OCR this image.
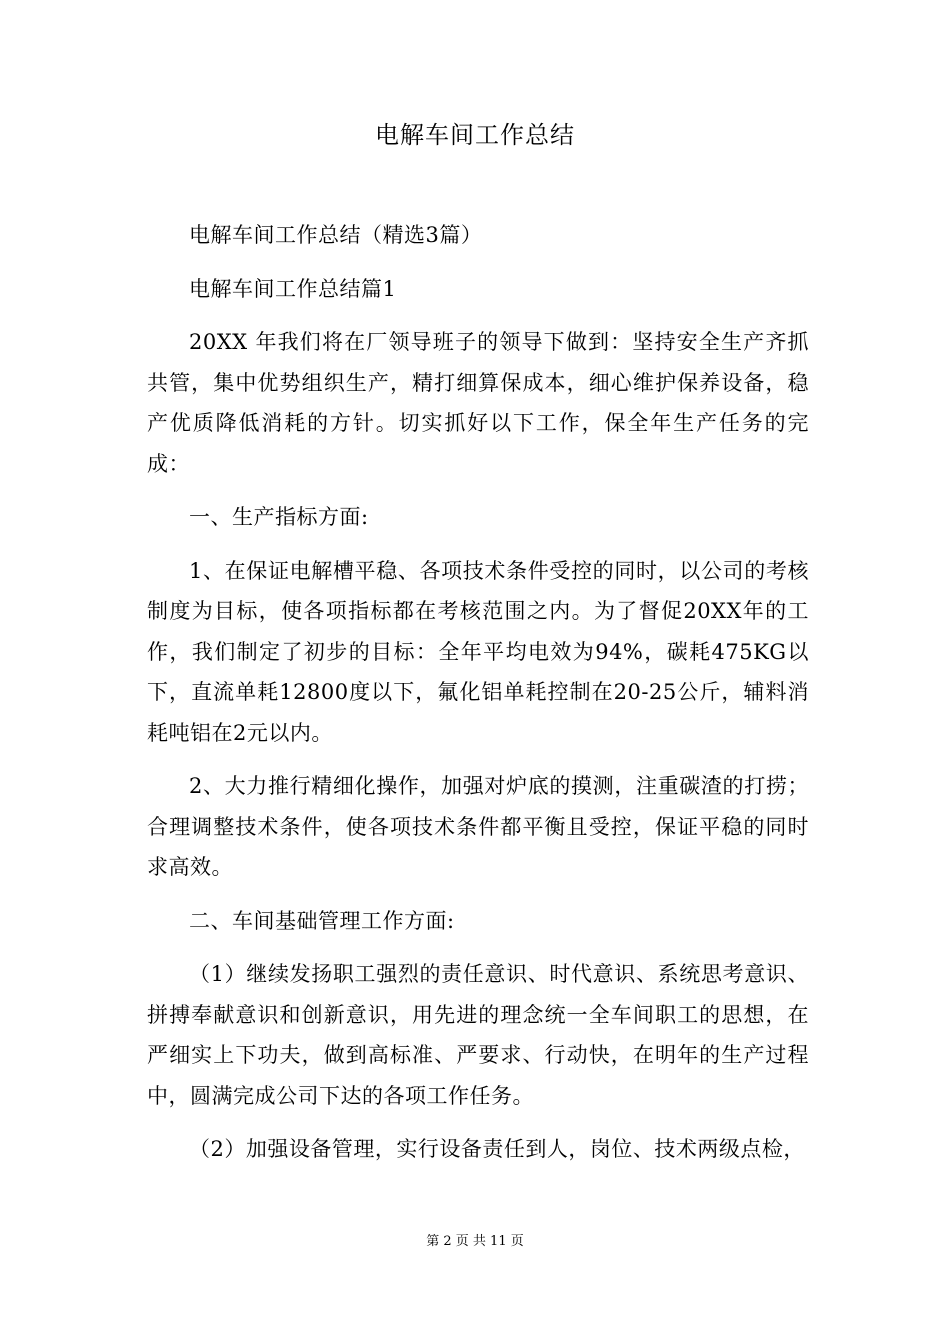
电解车间工作总结

电解车间工作总结（精选3篇）

电解车间工作总结篇1

20XX 年我们将在厂领导班子的领导下做到：坚持安全生产齐抓共管，集中优势组织生产，精打细算保成本，细心维护保养设备，稳产优质降低消耗的方针。切实抓好以下工作，保全年生产任务的完成：

一、生产指标方面:

1、在保证电解槽平稳、各项技术条件受控的同时，以公司的考核制度为目标，使各项指标都在考核范围之内。为了督促20XX年的工作，我们制定了初步的目标：全年平均电效为94%，碳耗475KG以下，直流单耗12800度以下，氟化铝单耗控制在20-25公斤，辅料消耗吨铝在2元以内。

2、大力推行精细化操作，加强对炉底的摸测，注重碳渣的打捞；合理调整技术条件，使各项技术条件都平衡且受控，保证平稳的同时求高效。

二、车间基础管理工作方面:

（1）继续发扬职工强烈的责任意识、时代意识、系统思考意识、拼搏奉献意识和创新意识，用先进的理念统一全车间职工的思想，在严细实上下功夫，做到高标准、严要求、行动快，在明年的生产过程中，圆满完成公司下达的各项工作任务。

（2）加强设备管理，实行设备责任到人，岗位、技术两级点检，

第 2 页 共 11 页
